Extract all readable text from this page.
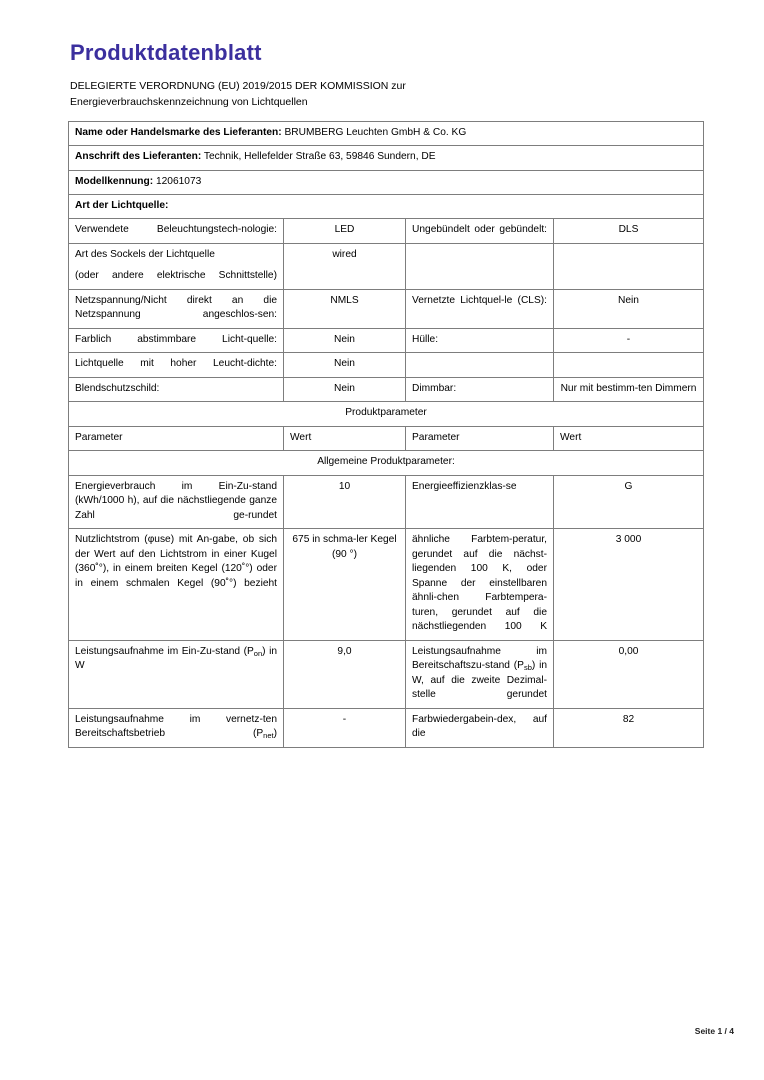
Produktdatenblatt

DELEGIERTE VERORDNUNG (EU) 2019/2015 DER KOMMISSION zur
Energieverbrauchskennzeichnung von Lichtquellen

Name oder Handelsmarke des Lieferanten: BRUMBERG Leuchten GmbH & Co. KG			
Anschrift des Lieferanten: Technik, Hellefelder Straße 63, 59846 Sundern, DE			
Modellkennung: 12061073			
Art der Lichtquelle:			
Verwendete Beleuchtungstech-nologie:	LED	Ungebündelt oder gebündelt:	DLS

Art des Sockels der Lichtquelle
(oder andere elektrische Schnittstelle)	wired		
Netzspannung/Nicht direkt an die Netzspannung angeschlos-sen:	NMLS	Vernetzte Lichtquel-le (CLS):	Nein
Farblich abstimmbare Licht-quelle:	Nein	Hülle:	-
Lichtquelle mit hoher Leucht-dichte:	Nein		
Blendschutzschild:	Nein	Dimmbar:	Nur mit bestimm-ten Dimmern
Produktparameter			
Parameter	Wert	Parameter	Wert
Allgemeine Produktparameter:			
Energieverbrauch im Ein-Zu-stand (kWh/1000 h), auf die nächstliegende ganze Zahl ge-rundet	10	Energieeffizienzklas-se	G
Nutzlichtstrom (φuse) mit An-gabe, ob sich der Wert auf den Lichtstrom in einer Kugel (360˚°), in einem breiten Kegel (120˚°) oder in einem schmalen Kegel (90˚°) bezieht	675 in schma-ler Kegel (90 °)	ähnliche Farbtem-peratur, gerundet auf die nächst-liegenden 100 K, oder Spanne der einstellbaren ähnli-chen Farbtempera-turen, gerundet auf die nächstliegenden 100 K	3 000
Leistungsaufnahme im Ein-Zu-stand $(P_{on})$ in W	9,0	Leistungsaufnahme im Bereitschaftszu-stand $(P_{sb})$ in W, auf die zweite Dezimal-stelle gerundet	0,00
Leistungsaufnahme im vernetz-ten Bereitschaftsbetrieb $(P_{net})$	-	Farbwiedergabein-dex, auf die	82
Seite 1 / 4
